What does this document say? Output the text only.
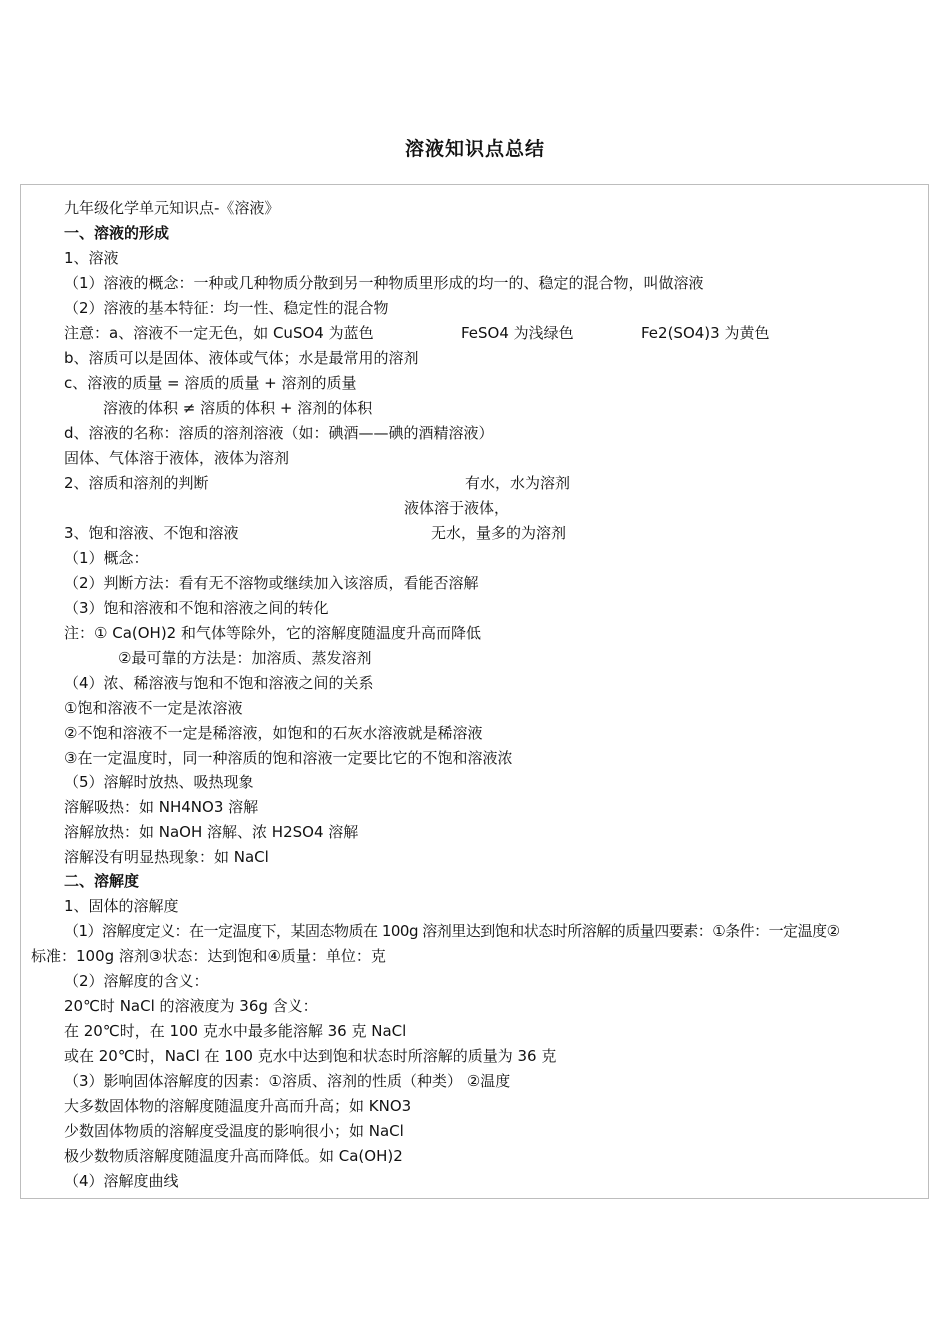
溶液知识点总结
九年级化学单元知识点-《溶液》
一、溶液的形成
1、溶液
（1）溶液的概念：一种或几种物质分散到另一种物质里形成的均一的、稳定的混合物，叫做溶液
（2）溶液的基本特征：均一性、稳定性的混合物
注意：a、溶液不一定无色，如 CuSO4 为蓝色	FeSO4 为浅绿色	Fe2(SO4)3 为黄色
b、溶质可以是固体、液体或气体；水是最常用的溶剂
c、溶液的质量 = 溶质的质量 + 溶剂的质量
溶液的体积 ≠ 溶质的体积 + 溶剂的体积
d、溶液的名称：溶质的溶剂溶液（如：碘酒——碘的酒精溶液）
固体、气体溶于液体，液体为溶剂
2、溶质和溶剂的判断	有水，水为溶剂
液体溶于液体，
3、饱和溶液、不饱和溶液	无水，量多的为溶剂
（1）概念：
（2）判断方法：看有无不溶物或继续加入该溶质，看能否溶解
（3）饱和溶液和不饱和溶液之间的转化
注：① Ca(OH)2 和气体等除外，它的溶解度随温度升高而降低
②最可靠的方法是：加溶质、蒸发溶剂
（4）浓、稀溶液与饱和不饱和溶液之间的关系
①饱和溶液不一定是浓溶液
②不饱和溶液不一定是稀溶液，如饱和的石灰水溶液就是稀溶液
③在一定温度时，同一种溶质的饱和溶液一定要比它的不饱和溶液浓
（5）溶解时放热、吸热现象
溶解吸热：如 NH4NO3 溶解
溶解放热：如 NaOH 溶解、浓 H2SO4 溶解
溶解没有明显热现象：如 NaCl
二、溶解度
1、固体的溶解度
（1）溶解度定义：在一定温度下，某固态物质在 100g 溶剂里达到饱和状态时所溶解的质量四要素：①条件：一定温度②
标准：100g 溶剂③状态：达到饱和④质量：单位：克
（2）溶解度的含义：
20℃时 NaCl 的溶液度为 36g 含义：
在 20℃时，在 100 克水中最多能溶解 36 克 NaCl
或在 20℃时，NaCl 在 100 克水中达到饱和状态时所溶解的质量为 36 克
（3）影响固体溶解度的因素：①溶质、溶剂的性质（种类） ②温度
大多数固体物的溶解度随温度升高而升高；如 KNO3
少数固体物质的溶解度受温度的影响很小；如 NaCl
极少数物质溶解度随温度升高而降低。如 Ca(OH)2
（4）溶解度曲线
